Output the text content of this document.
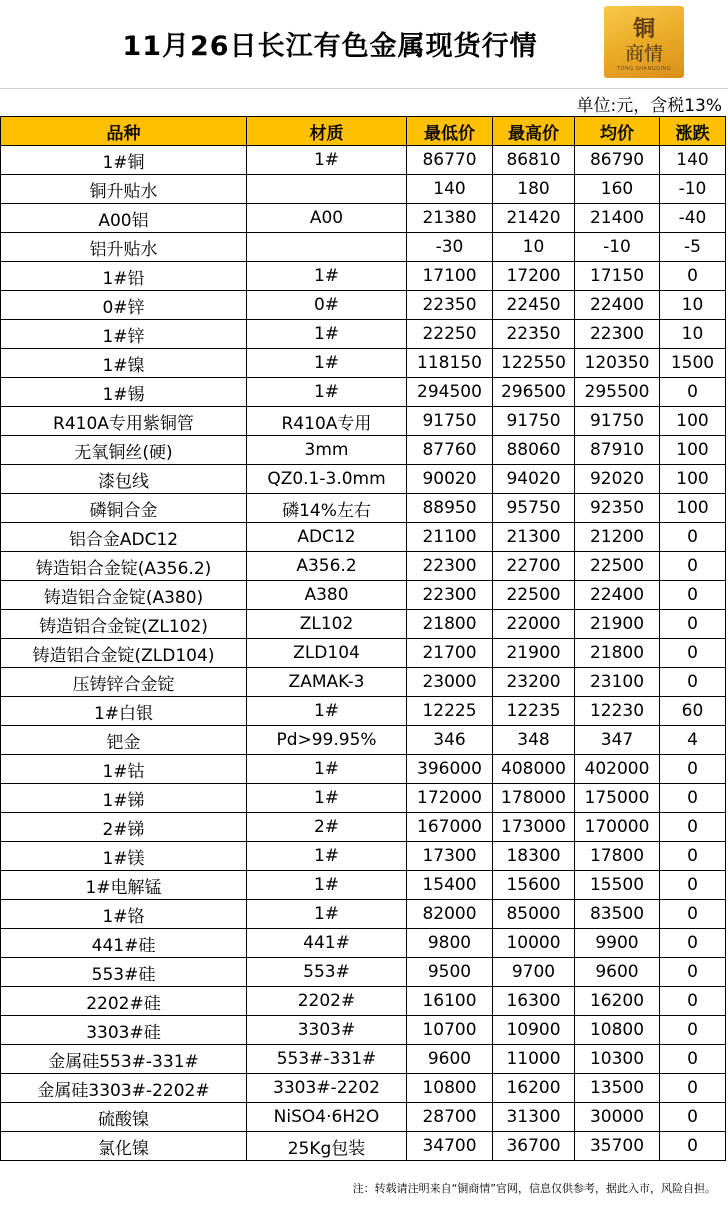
11月26日长江有色金属现货行情
铜
商情
TONG SHANGQING
单位:元，含税13%
品种	材质	最低价	最高价	均价	涨跌
1#铜	1#	86770	86810	86790	140
铜升贴水		140	180	160	-10
A00铝	A00	21380	21420	21400	-40
铝升贴水		-30	10	-10	-5
1#铅	1#	17100	17200	17150	0
0#锌	0#	22350	22450	22400	10
1#锌	1#	22250	22350	22300	10
1#镍	1#	118150	122550	120350	1500
1#锡	1#	294500	296500	295500	0
R410A专用紫铜管	R410A专用	91750	91750	91750	100
无氧铜丝(硬)	3mm	87760	88060	87910	100
漆包线	QZ0.1-3.0mm	90020	94020	92020	100
磷铜合金	磷14%左右	88950	95750	92350	100
铝合金ADC12	ADC12	21100	21300	21200	0
铸造铝合金锭(A356.2)	A356.2	22300	22700	22500	0
铸造铝合金锭(A380)	A380	22300	22500	22400	0
铸造铝合金锭(ZL102)	ZL102	21800	22000	21900	0
铸造铝合金锭(ZLD104)	ZLD104	21700	21900	21800	0
压铸锌合金锭	ZAMAK-3	23000	23200	23100	0
1#白银	1#	12225	12235	12230	60
钯金	Pd>99.95%	346	348	347	4
1#钴	1#	396000	408000	402000	0
1#锑	1#	172000	178000	175000	0
2#锑	2#	167000	173000	170000	0
1#镁	1#	17300	18300	17800	0
1#电解锰	1#	15400	15600	15500	0
1#铬	1#	82000	85000	83500	0
441#硅	441#	9800	10000	9900	0
553#硅	553#	9500	9700	9600	0
2202#硅	2202#	16100	16300	16200	0
3303#硅	3303#	10700	10900	10800	0
金属硅553#-331#	553#-331#	9600	11000	10300	0
金属硅3303#-2202#	3303#-2202	10800	16200	13500	0
硫酸镍	NiSO4·6H2O	28700	31300	30000	0
氯化镍	25Kg包装	34700	36700	35700	0
注：转载请注明来自“铜商情”官网，信息仅供参考，据此入市，风险自担。
